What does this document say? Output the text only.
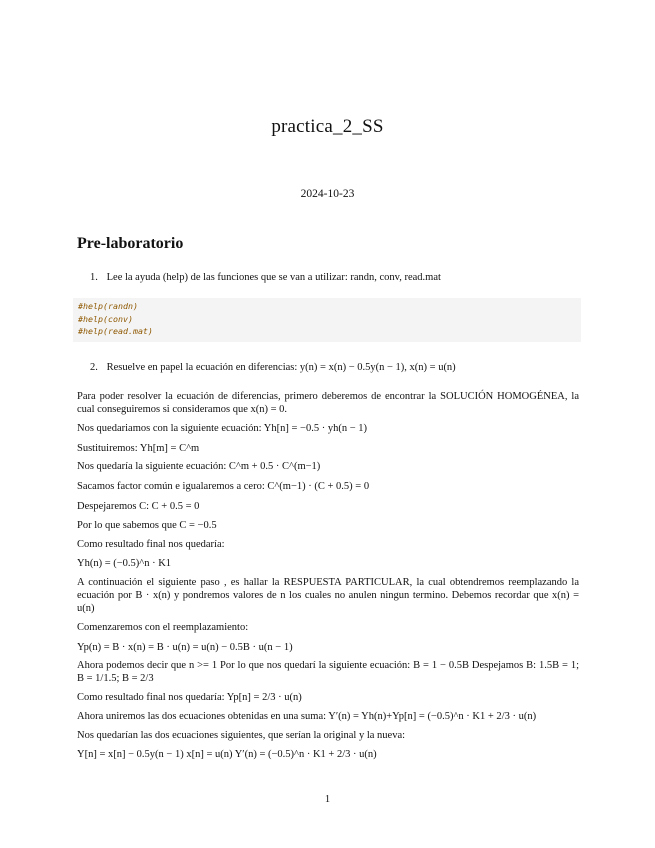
practica_2_SS
2024-10-23
Pre-laboratorio
1. Lee la ayuda (help) de las funciones que se van a utilizar: randn, conv, read.mat
#help(randn)
#help(conv)
#help(read.mat)
2. Resuelve en papel la ecuación en diferencias: y(n) = x(n) − 0.5y(n − 1), x(n) = u(n)
Para poder resolver la ecuación de diferencias, primero deberemos de encontrar la SOLUCIÓN HOMOGÉNEA, la cual conseguiremos si consideramos que x(n) = 0.
Nos quedariamos con la siguiente ecuación: Yh[n] = −0.5 · yh(n − 1)
Sustituiremos: Yh[m] = C^m
Nos quedaría la siguiente ecuación: C^m + 0.5 · C^(m−1)
Sacamos factor común e igualaremos a cero: C^(m−1) · (C + 0.5) = 0
Despejaremos C: C + 0.5 = 0
Por lo que sabemos que C = −0.5
Como resultado final nos quedaría:
Yh(n) = (−0.5)^n · K1
A continuación el siguiente paso , es hallar la RESPUESTA PARTICULAR, la cual obtendremos reemplazando la ecuación por B · x(n) y pondremos valores de n los cuales no anulen ningun termino. Debemos recordar que x(n) = u(n)
Comenzaremos con el reemplazamiento:
Yp(n) = B · x(n) = B · u(n) = u(n) − 0.5B · u(n − 1)
Ahora podemos decir que n >= 1 Por lo que nos quedarí la siguiente ecuación: B = 1 − 0.5B Despejamos B: 1.5B = 1; B = 1/1.5; B = 2/3
Como resultado final nos quedaría: Yp[n] = 2/3 · u(n)
Ahora uniremos las dos ecuaciones obtenidas en una suma: Y′(n) = Yh(n)+Yp[n] = (−0.5)^n · K1 + 2/3 · u(n)
Nos quedarían las dos ecuaciones siguientes, que serían la original y la nueva:
Y[n] = x[n] − 0.5y(n − 1) x[n] = u(n) Y′(n) = (−0.5)^n · K1 + 2/3 · u(n)
1
